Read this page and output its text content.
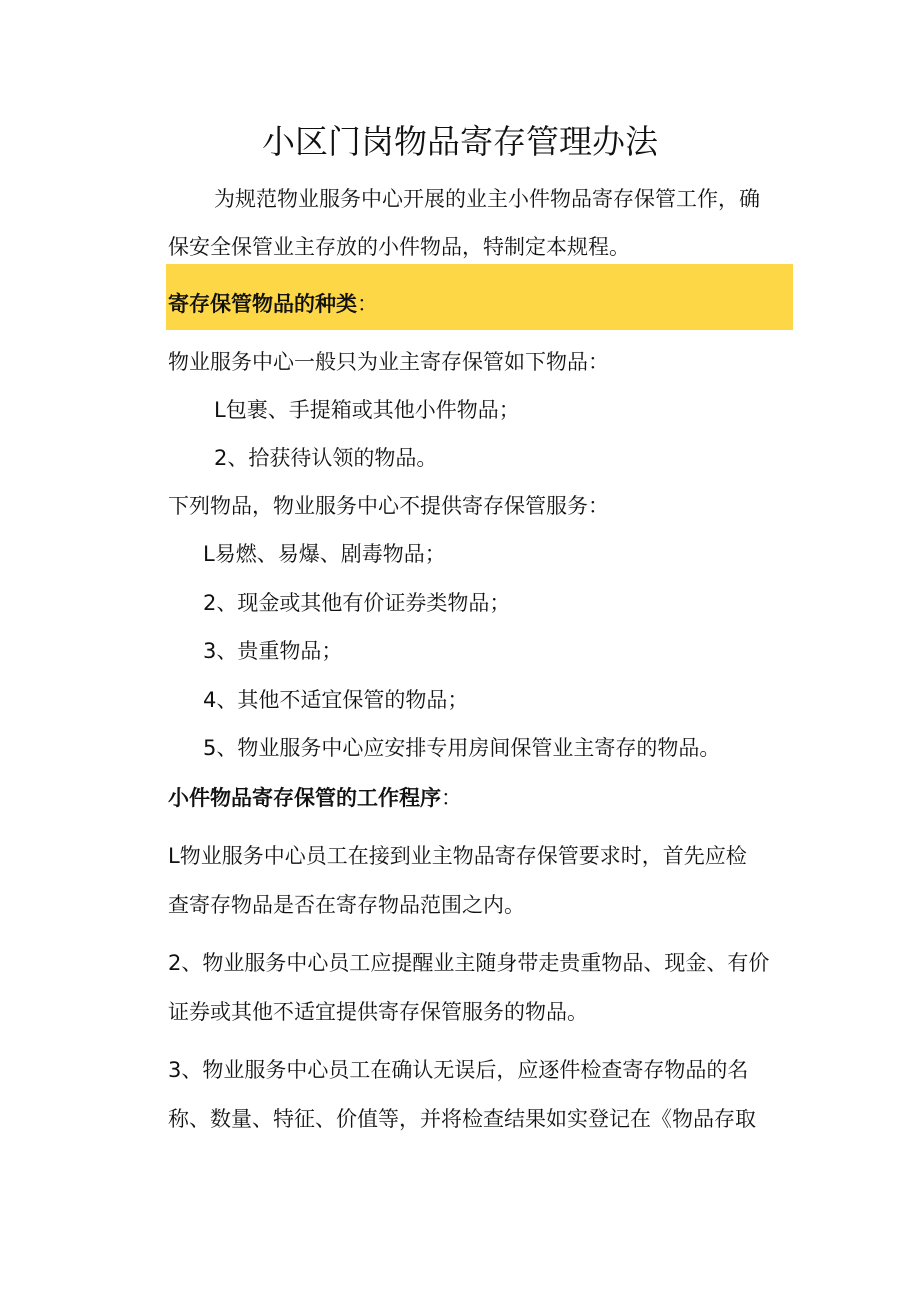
小区门岗物品寄存管理办法
为规范物业服务中心开展的业主小件物品寄存保管工作，确
保安全保管业主存放的小件物品，特制定本规程。
寄存保管物品的种类：
物业服务中心一般只为业主寄存保管如下物品：
L包裹、手提箱或其他小件物品；
2、拾获待认领的物品。
下列物品，物业服务中心不提供寄存保管服务：
L易燃、易爆、剧毒物品；
2、现金或其他有价证券类物品；
3、贵重物品；
4、其他不适宜保管的物品；
5、物业服务中心应安排专用房间保管业主寄存的物品。
小件物品寄存保管的工作程序：
L物业服务中心员工在接到业主物品寄存保管要求时，首先应检
查寄存物品是否在寄存物品范围之内。
2、物业服务中心员工应提醒业主随身带走贵重物品、现金、有价
证券或其他不适宜提供寄存保管服务的物品。
3、物业服务中心员工在确认无误后，应逐件检查寄存物品的名
称、数量、特征、价值等，并将检查结果如实登记在《物品存取
